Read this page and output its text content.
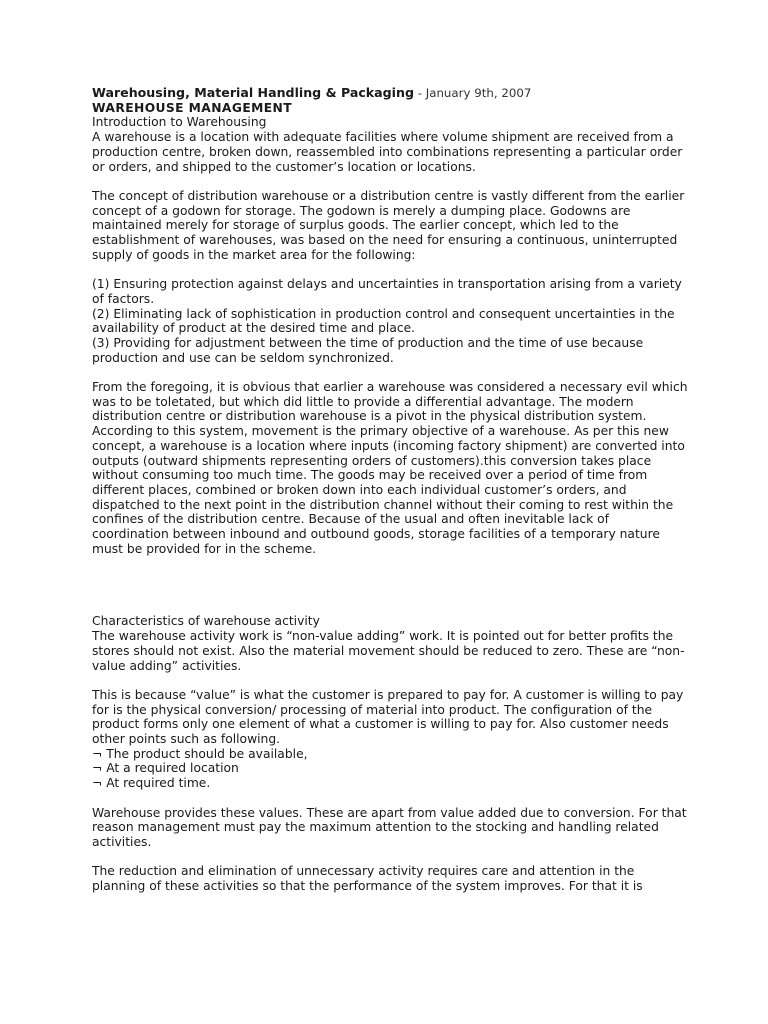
Warehousing, Material Handling & Packaging - January 9th, 2007

WAREHOUSE MANAGEMENT

Introduction to Warehousing

A warehouse is a location with adequate facilities where volume shipment are received from a production centre, broken down, reassembled into combinations representing a particular order or orders, and shipped to the customer’s location or locations.

The concept of distribution warehouse or a distribution centre is vastly different from the earlier concept of a godown for storage. The godown is merely a dumping place. Godowns are maintained merely for storage of surplus goods. The earlier concept, which led to the establishment of warehouses, was based on the need for ensuring a continuous, uninterrupted supply of goods in the market area for the following:

(1) Ensuring protection against delays and uncertainties in transportation arising from a variety of factors.

(2) Eliminating lack of sophistication in production control and consequent uncertainties in the availability of product at the desired time and place.

(3) Providing for adjustment between the time of production and the time of use because production and use can be seldom synchronized.

From the foregoing, it is obvious that earlier a warehouse was considered a necessary evil which was to be toletated, but which did little to provide a differential advantage. The modern distribution centre or distribution warehouse is a pivot in the physical distribution system. According to this system, movement is the primary objective of a warehouse. As per this new concept, a warehouse is a location where inputs (incoming factory shipment) are converted into outputs (outward shipments representing orders of customers).this conversion takes place without consuming too much time. The goods may be received over a period of time from different places, combined or broken down into each individual customer’s orders, and dispatched to the next point in the distribution channel without their coming to rest within the confines of the distribution centre. Because of the usual and often inevitable lack of coordination between inbound and outbound goods, storage facilities of a temporary nature must be provided for in the scheme.

Characteristics of warehouse activity

The warehouse activity work is “non-value adding” work. It is pointed out for better profits the stores should not exist. Also the material movement should be reduced to zero. These are “non-value adding” activities.

This is because “value” is what the customer is prepared to pay for. A customer is willing to pay for is the physical conversion/ processing of material into product. The configuration of the product forms only one element of what a customer is willing to pay for. Also customer needs other points such as following.

¬ The product should be available,

¬ At a required location

¬ At required time.

Warehouse provides these values. These are apart from value added due to conversion. For that reason management must pay the maximum attention to the stocking and handling related activities.

The reduction and elimination of unnecessary activity requires care and attention in the planning of these activities so that the performance of the system improves. For that it is
